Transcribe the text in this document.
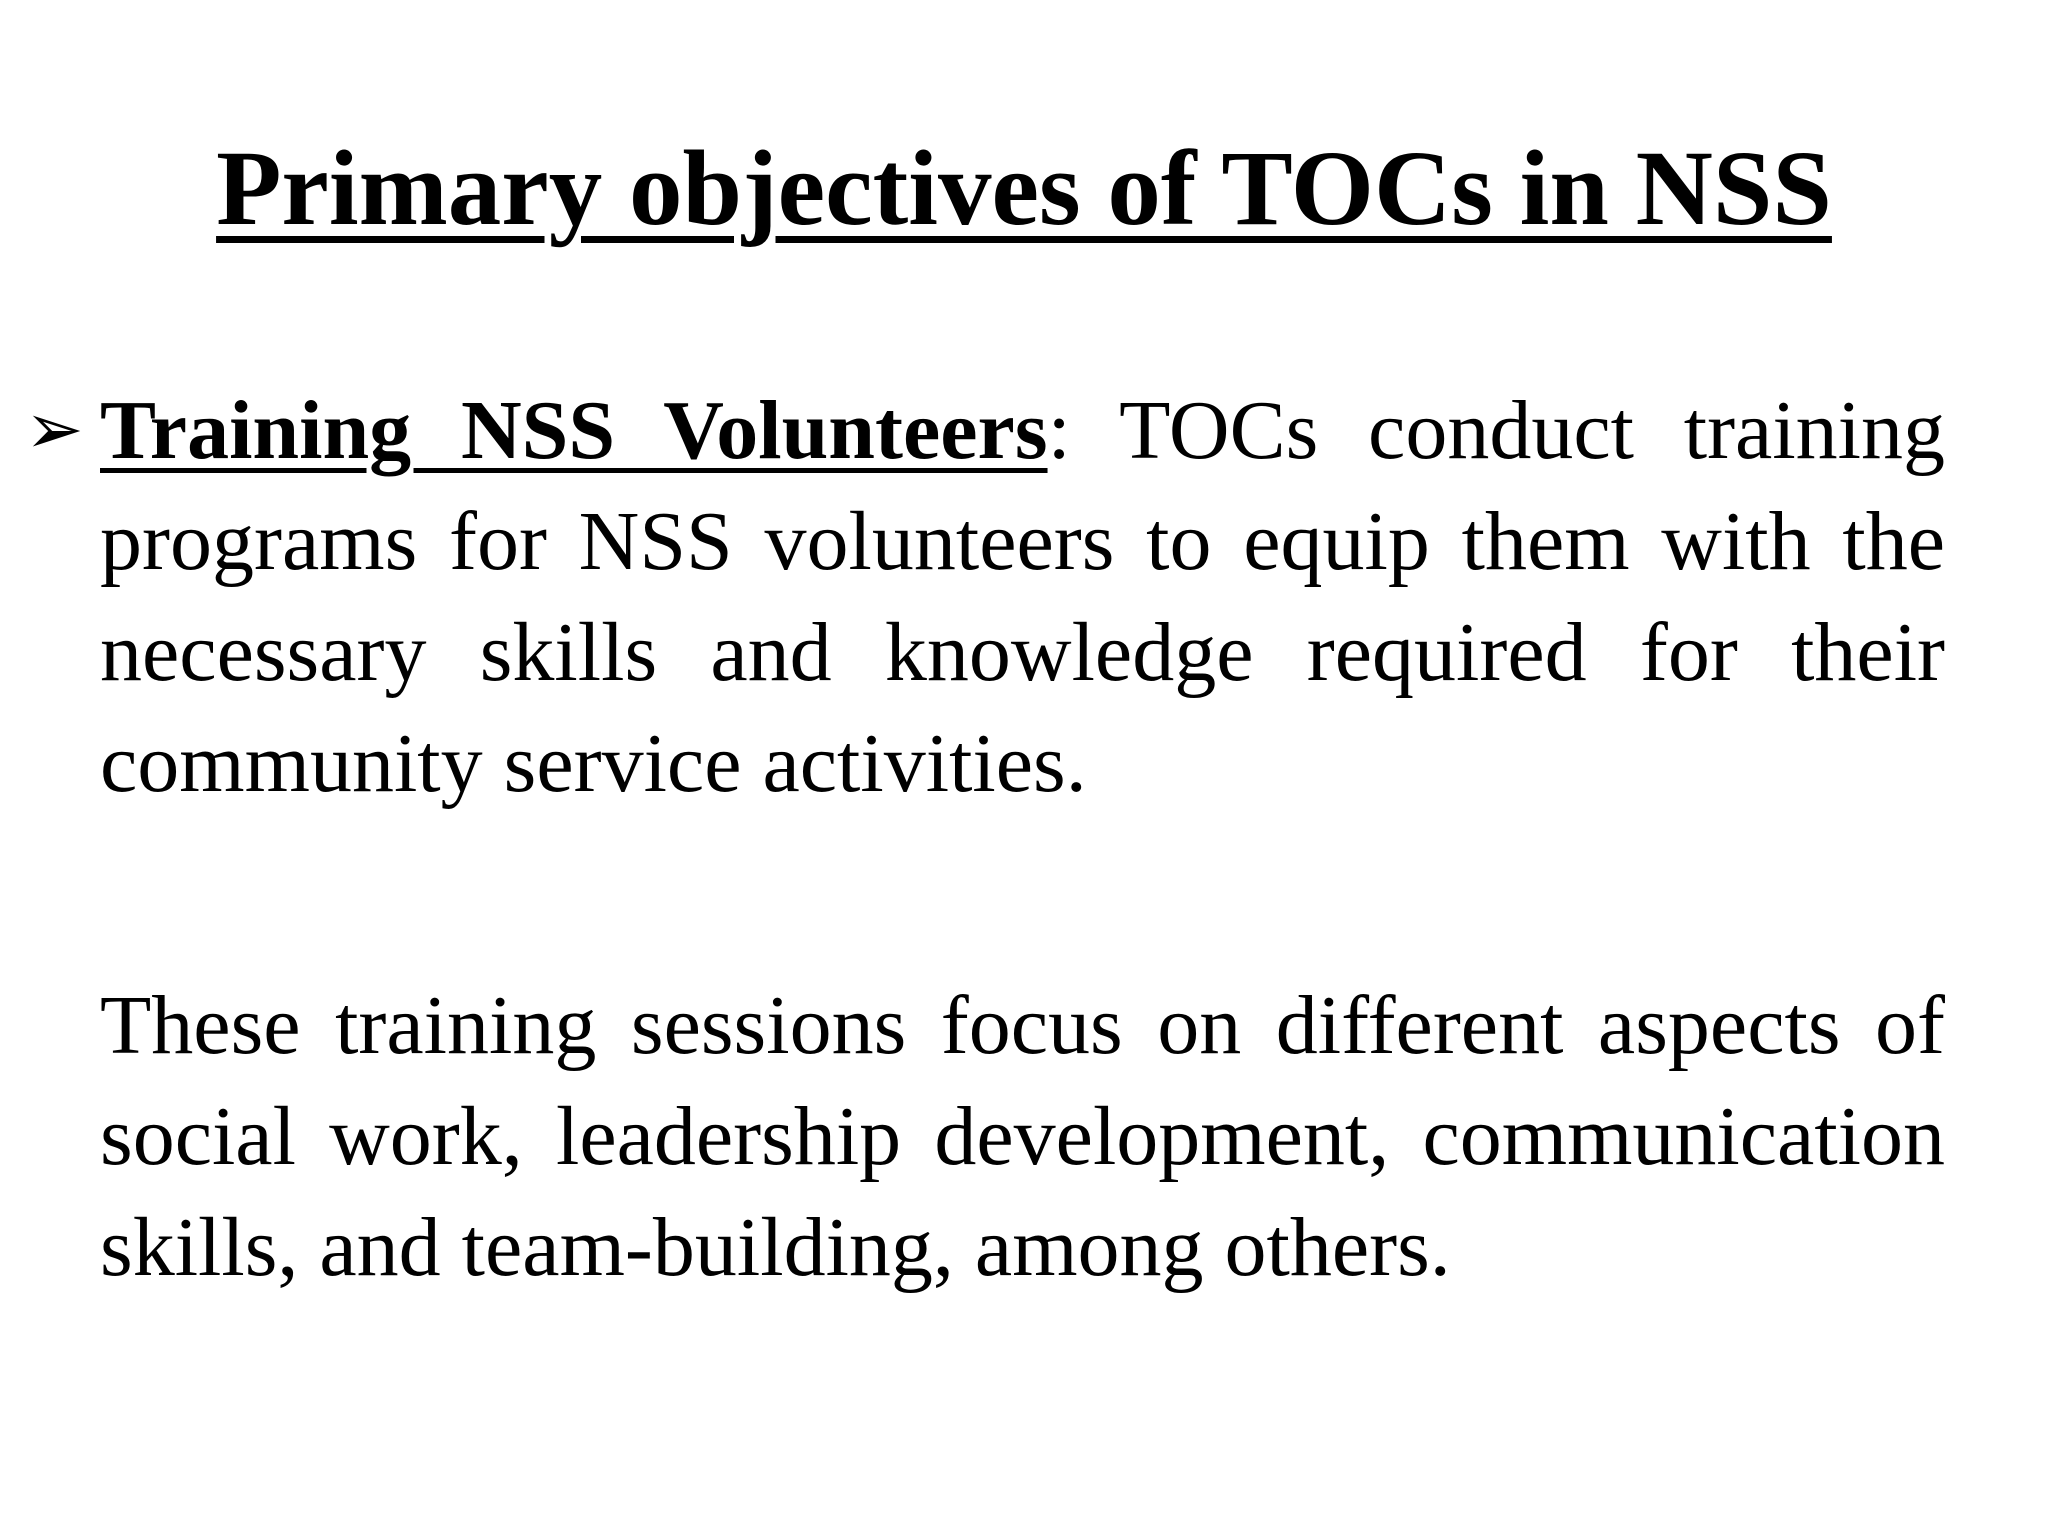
Primary objectives of TOCs in NSS
➢ Training NSS Volunteers: TOCs conduct training programs for NSS volunteers to equip them with the necessary skills and knowledge required for their community service activities.

These training sessions focus on different aspects of social work, leadership development, communication skills, and team-building, among others.
